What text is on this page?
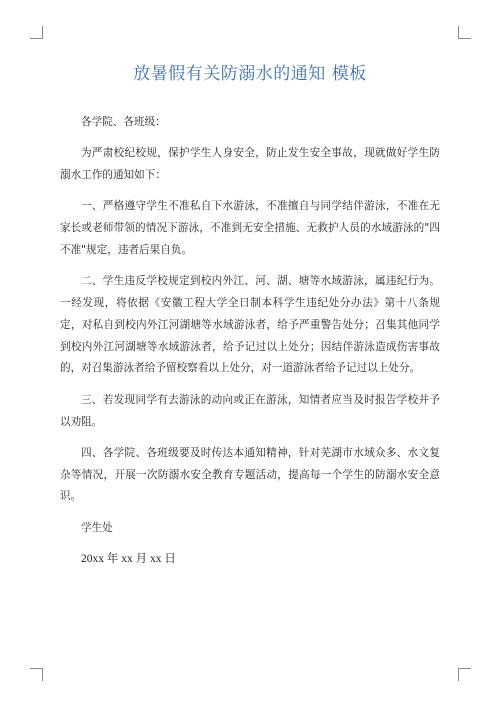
放暑假有关防溺水的通知 模板

各学院、各班级：

为严肃校纪校规，保护学生人身安全，防止发生安全事故，现就做好学生防溺水工作的通知如下：

一、严格遵守学生不准私自下水游泳，不准擅自与同学结伴游泳，不准在无家长或老师带领的情况下游泳，不准到无安全措施、无救护人员的水域游泳的"四不准"规定，违者后果自负。

二、学生违反学校规定到校内外江、河、湖、塘等水域游泳，属违纪行为。一经发现，将依据《安徽工程大学全日制本科学生违纪处分办法》第十八条规定，对私自到校内外江河湖塘等水域游泳者，给予严重警告处分；召集其他同学到校内外江河湖塘等水域游泳者，给予记过以上处分；因结伴游泳造成伤害事故的，对召集游泳者给予留校察看以上处分，对一道游泳者给予记过以上处分。

三、若发现同学有去游泳的动向或正在游泳，知情者应当及时报告学校并予以劝阻。

四、各学院、各班级要及时传达本通知精神，针对芜湖市水域众多、水文复杂等情况，开展一次防溺水安全教育专题活动，提高每一个学生的防溺水安全意识。

学生处

20xx 年 xx 月 xx 日
